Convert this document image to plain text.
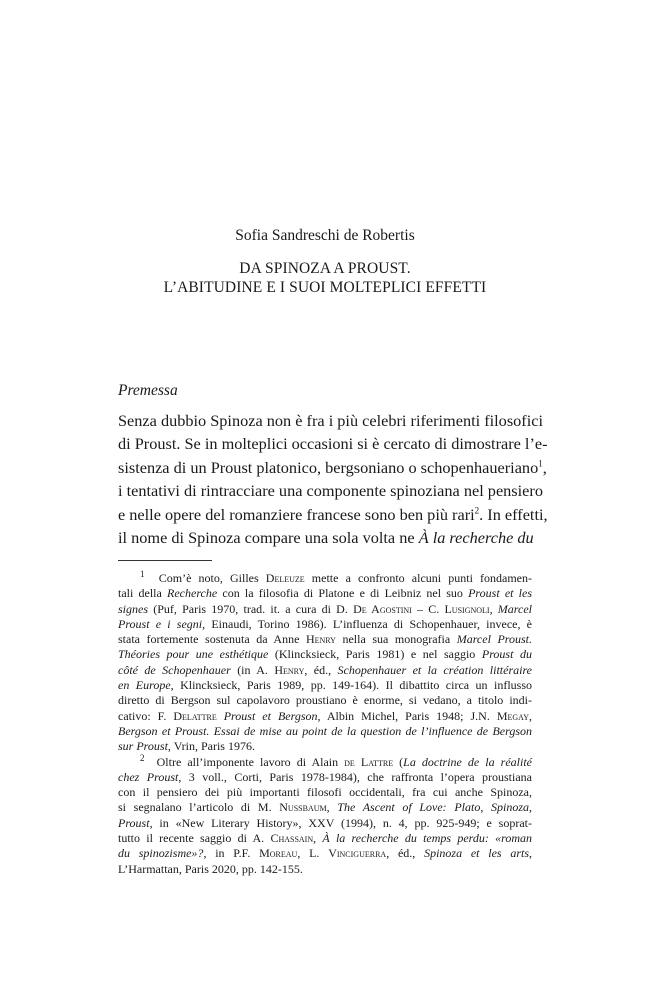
Sofia Sandreschi de Robertis
DA SPINOZA A PROUST.
L’ABITUDINE E I SUOI MOLTEPLICI EFFETTI
Premessa
Senza dubbio Spinoza non è fra i più celebri riferimenti filosofici
di Proust. Se in molteplici occasioni si è cercato di dimostrare l’e-
sistenza di un Proust platonico, bergsoniano o schopenhaueriano$^1$,
i tentativi di rintracciare una componente spinoziana nel pensiero
e nelle opere del romanziere francese sono ben più rari$^2$. In effetti,
il nome di Spinoza compare una sola volta ne À la recherche du
$^1$ Com’è noto, Gilles Deleuze mette a confronto alcuni punti fondamen-
tali della Recherche con la filosofia di Platone e di Leibniz nel suo Proust et les
signes (Puf, Paris 1970, trad. it. a cura di D. De Agostini – C. Lusignoli, Marcel
Proust e i segni, Einaudi, Torino 1986). L’influenza di Schopenhauer, invece, è
stata fortemente sostenuta da Anne Henry nella sua monografia Marcel Proust.
Théories pour une esthétique (Klincksieck, Paris 1981) e nel saggio Proust du
côté de Schopenhauer (in A. Henry, éd., Schopenhauer et la création littéraire
en Europe, Klincksieck, Paris 1989, pp. 149-164). Il dibattito circa un influsso
diretto di Bergson sul capolavoro proustiano è enorme, si vedano, a titolo indi-
cativo: F. Delattre Proust et Bergson, Albin Michel, Paris 1948; J.N. Megay,
Bergson et Proust. Essai de mise au point de la question de l’influence de Bergson
sur Proust, Vrin, Paris 1976.
$^2$ Oltre all’imponente lavoro di Alain de Lattre (La doctrine de la réalité
chez Proust, 3 voll., Corti, Paris 1978-1984), che raffronta l’opera proustiana
con il pensiero dei più importanti filosofi occidentali, fra cui anche Spinoza,
si segnalano l’articolo di M. Nussbaum, The Ascent of Love: Plato, Spinoza,
Proust, in «New Literary History», XXV (1994), n. 4, pp. 925-949; e soprat-
tutto il recente saggio di A. Chassain, À la recherche du temps perdu: «roman
du spinozisme»?, in P.F. Moreau, L. Vinciguerra, éd., Spinoza et les arts,
L’Harmattan, Paris 2020, pp. 142-155.
